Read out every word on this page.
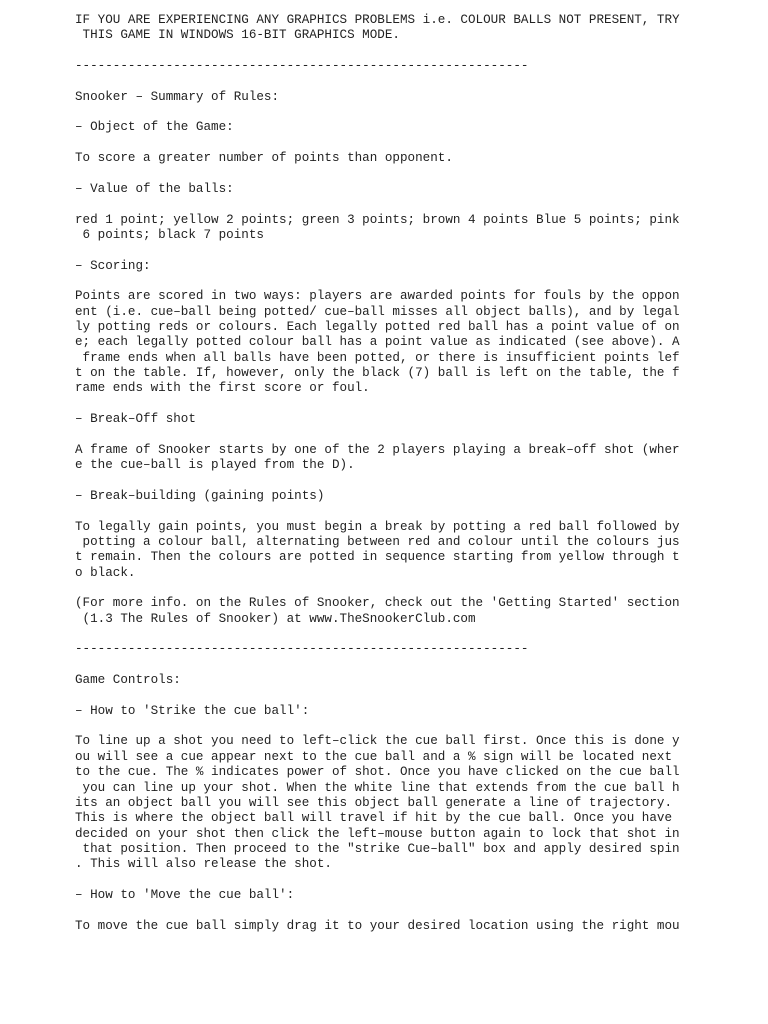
IF YOU ARE EXPERIENCING ANY GRAPHICS PROBLEMS i.e. COLOUR BALLS NOT PRESENT, TRY
THIS GAME IN WINDOWS 16-BIT GRAPHICS MODE.
------------------------------------------------------------
Snooker – Summary of Rules:
– Object of the Game:
To score a greater number of points than opponent.
– Value of the balls:
red 1 point; yellow 2 points; green 3 points; brown 4 points Blue 5 points; pink
6 points; black 7 points
– Scoring:
Points are scored in two ways: players are awarded points for fouls by the oppon
ent (i.e. cue–ball being potted/ cue–ball misses all object balls), and by legal
ly potting reds or colours. Each legally potted red ball has a point value of on
e; each legally potted colour ball has a point value as indicated (see above). A
frame ends when all balls have been potted, or there is insufficient points lef
t on the table. If, however, only the black (7) ball is left on the table, the f
rame ends with the first score or foul.
– Break–Off shot
A frame of Snooker starts by one of the 2 players playing a break–off shot (wher
e the cue–ball is played from the D).
– Break–building (gaining points)
To legally gain points, you must begin a break by potting a red ball followed by
potting a colour ball, alternating between red and colour until the colours jus
t remain. Then the colours are potted in sequence starting from yellow through t
o black.
(For more info. on the Rules of Snooker, check out the 'Getting Started' section
(1.3 The Rules of Snooker) at www.TheSnookerClub.com
------------------------------------------------------------
Game Controls:
– How to 'Strike the cue ball':
To line up a shot you need to left–click the cue ball first. Once this is done y
ou will see a cue appear next to the cue ball and a % sign will be located next
to the cue. The % indicates power of shot. Once you have clicked on the cue ball
you can line up your shot. When the white line that extends from the cue ball h
its an object ball you will see this object ball generate a line of trajectory.
This is where the object ball will travel if hit by the cue ball. Once you have
decided on your shot then click the left–mouse button again to lock that shot in
that position. Then proceed to the "strike Cue–ball" box and apply desired spin
. This will also release the shot.
– How to 'Move the cue ball':
To move the cue ball simply drag it to your desired location using the right mou
